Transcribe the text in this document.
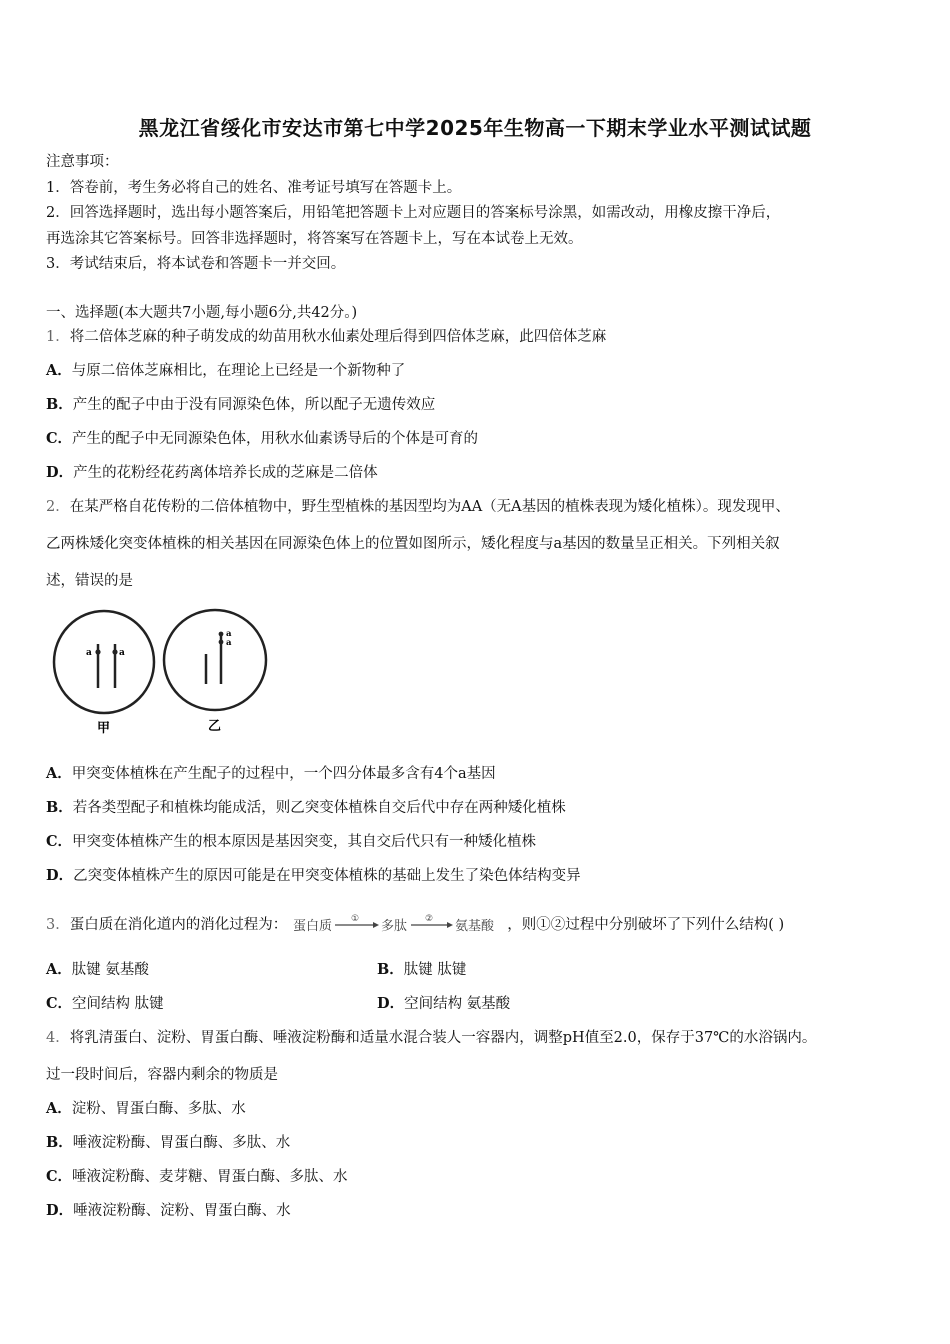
黑龙江省绥化市安达市第七中学2025年生物高一下期末学业水平测试试题
注意事项：
1．答卷前，考生务必将自己的姓名、准考证号填写在答题卡上。
2．回答选择题时，选出每小题答案后，用铅笔把答题卡上对应题目的答案标号涂黑，如需改动，用橡皮擦干净后，
再选涂其它答案标号。回答非选择题时，将答案写在答题卡上，写在本试卷上无效。
3．考试结束后，将本试卷和答题卡一并交回。
一、选择题(本大题共7小题,每小题6分,共42分。)
1．将二倍体芝麻的种子萌发成的幼苗用秋水仙素处理后得到四倍体芝麻，此四倍体芝麻
A．与原二倍体芝麻相比，在理论上已经是一个新物种了
B．产生的配子中由于没有同源染色体，所以配子无遗传效应
C．产生的配子中无同源染色体，用秋水仙素诱导后的个体是可育的
D．产生的花粉经花药离体培养长成的芝麻是二倍体
2．在某严格自花传粉的二倍体植物中，野生型植株的基因型均为AA（无A基因的植株表现为矮化植株）。现发现甲、
乙两株矮化突变体植株的相关基因在同源染色体上的位置如图所示，矮化程度与a基因的数量呈正相关。下列相关叙
述，错误的是
a	a
a
a
甲	乙
A．甲突变体植株在产生配子的过程中，一个四分体最多含有4个a基因
B．若各类型配子和植株均能成活，则乙突变体植株自交后代中存在两种矮化植株
C．甲突变体植株产生的根本原因是基因突变，其自交后代只有一种矮化植株
D．乙突变体植株产生的原因可能是在甲突变体植株的基础上发生了染色体结构变异
3．蛋白质在消化道内的消化过程为： 蛋白质 ① 多肽 ② 氨基酸 ，则①②过程中分别破坏了下列什么结构( )
A．肽键 氨基酸	B．肽键 肽键
C．空间结构 肽键	D．空间结构 氨基酸
4．将乳清蛋白、淀粉、胃蛋白酶、唾液淀粉酶和适量水混合装人一容器内，调整pH值至2.0，保存于37℃的水浴锅内。
过一段时间后，容器内剩余的物质是
A．淀粉、胃蛋白酶、多肽、水
B．唾液淀粉酶、胃蛋白酶、多肽、水
C．唾液淀粉酶、麦芽糖、胃蛋白酶、多肽、水
D．唾液淀粉酶、淀粉、胃蛋白酶、水
